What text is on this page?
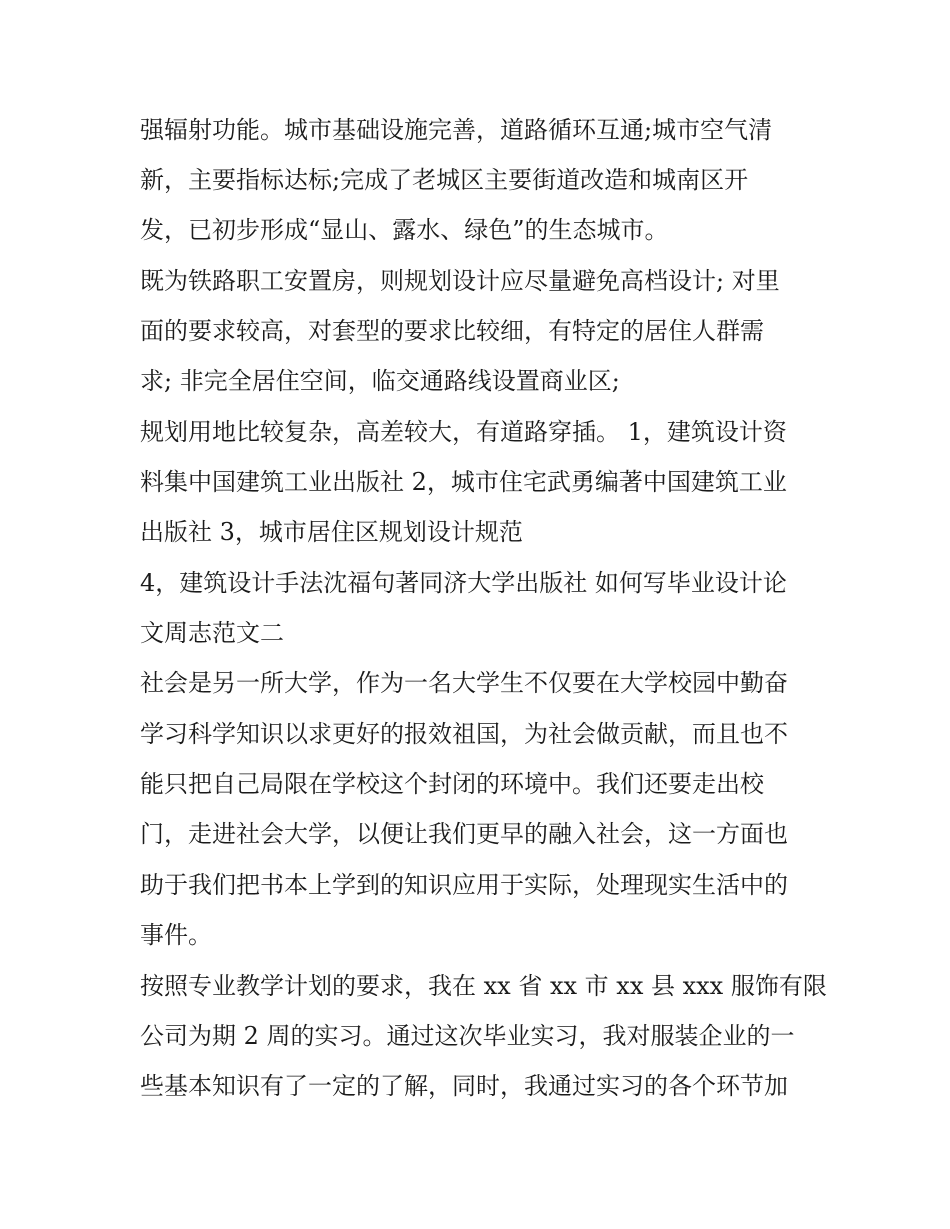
强辐射功能。城市基础设施完善，道路循环互通;城市空气清
新，主要指标达标;完成了老城区主要街道改造和城南区开
发，已初步形成“显山、露水、绿色”的生态城市。
既为铁路职工安置房，则规划设计应尽量避免高档设计; 对里
面的要求较高，对套型的要求比较细，有特定的居住人群需
求; 非完全居住空间，临交通路线设置商业区;
规划用地比较复杂，高差较大，有道路穿插。 1，建筑设计资
料集中国建筑工业出版社 2，城市住宅武勇编著中国建筑工业
出版社 3，城市居住区规划设计规范
4，建筑设计手法沈福句著同济大学出版社 如何写毕业设计论
文周志范文二
社会是另一所大学，作为一名大学生不仅要在大学校园中勤奋
学习科学知识以求更好的报效祖国，为社会做贡献，而且也不
能只把自己局限在学校这个封闭的环境中。我们还要走出校
门，走进社会大学，以便让我们更早的融入社会，这一方面也
助于我们把书本上学到的知识应用于实际，处理现实生活中的
事件。
按照专业教学计划的要求，我在 xx 省 xx 市 xx 县 xxx 服饰有限
公司为期 2 周的实习。通过这次毕业实习，我对服装企业的一
些基本知识有了一定的了解，同时，我通过实习的各个环节加
